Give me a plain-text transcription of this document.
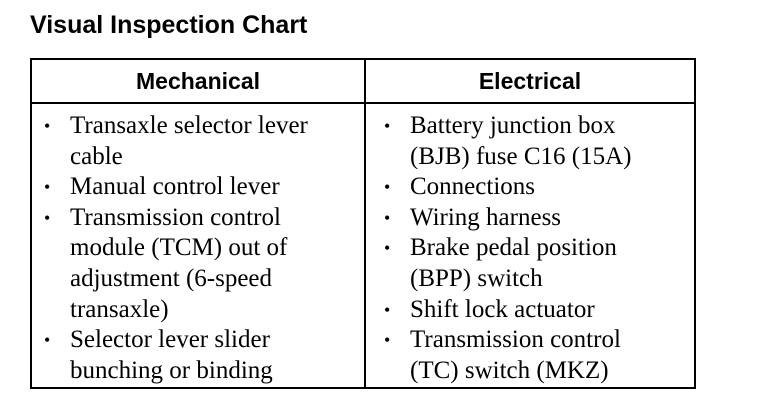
Visual Inspection Chart
Mechanical
• Transaxle selector lever
cable
• Manual control lever
• Transmission control
module (TCM) out of
adjustment (6-speed
transaxle)
• Selector lever slider
bunching or binding
Electrical
• Battery junction box
(BJB) fuse C16 (15A)
• Connections
• Wiring harness
• Brake pedal position
(BPP) switch
• Shift lock actuator
• Transmission control
(TC) switch (MKZ)
